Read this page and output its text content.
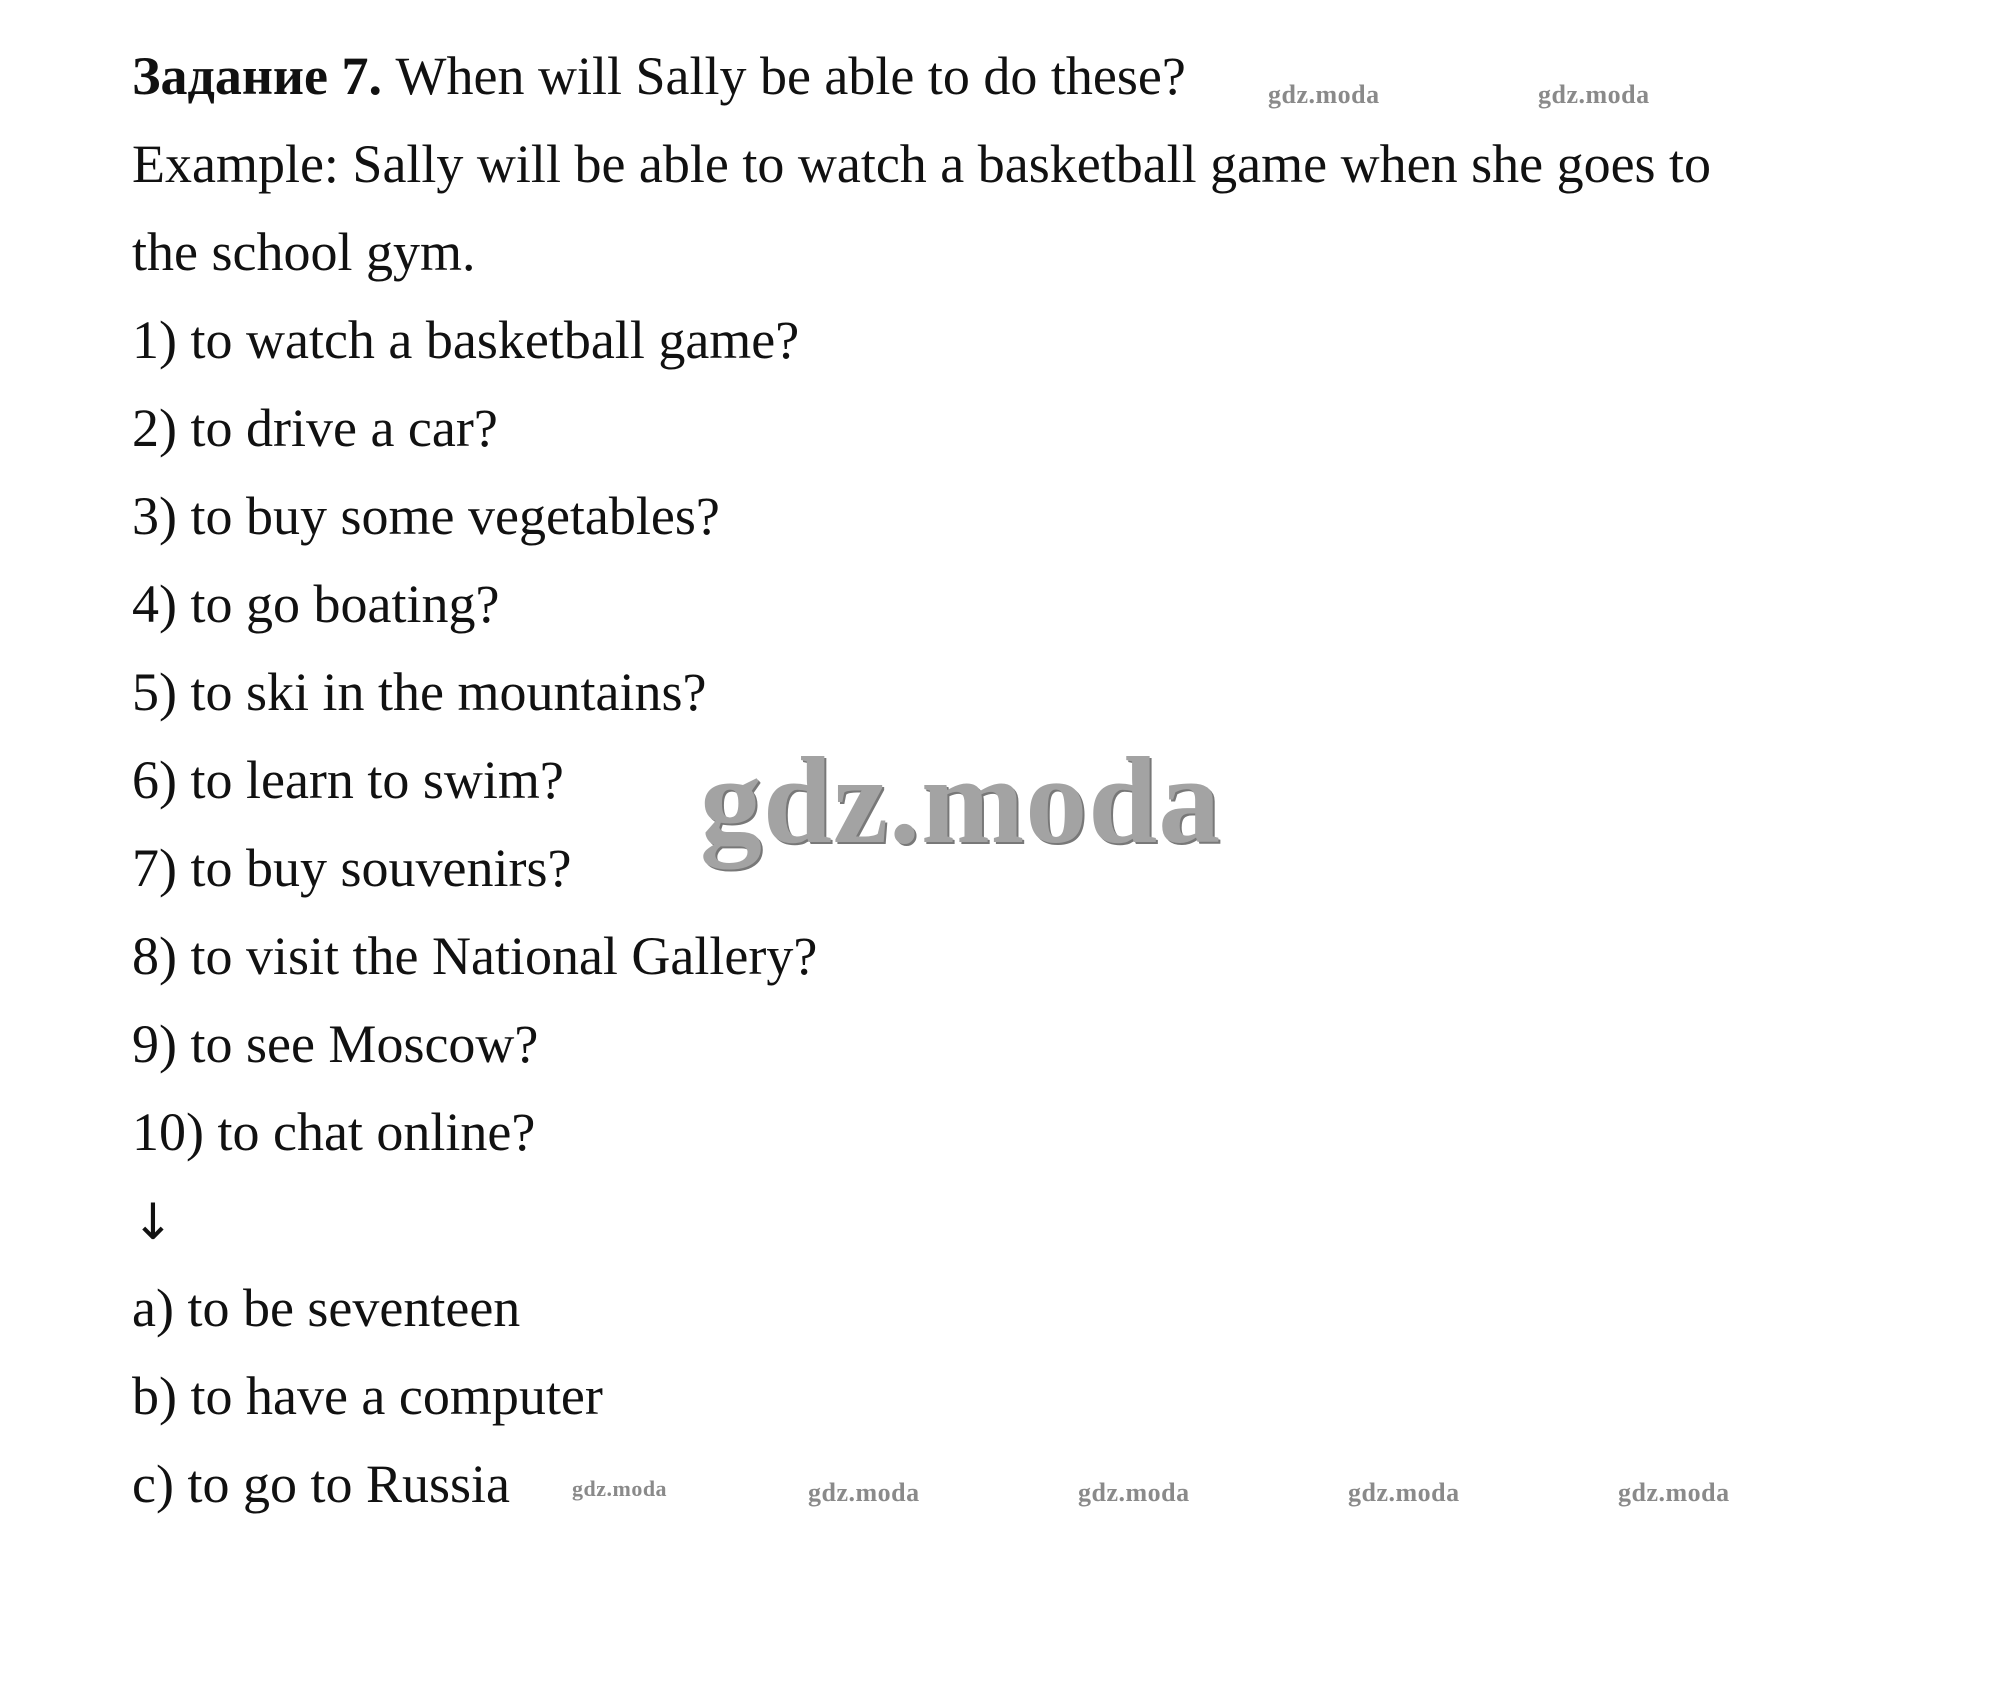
Задание 7. When will Sally be able to do these?
Example: Sally will be able to watch a basketball game when she goes to
the school gym.
1) to watch a basketball game?
2) to drive a car?
3) to buy some vegetables?
4) to go boating?
5) to ski in the mountains?
6) to learn to swim?
7) to buy souvenirs?
8) to visit the National Gallery?
9) to see Moscow?
10) to chat online?
↓
a) to be seventeen
b) to have a computer
c) to go to Russia
gdz.moda	gdz.moda
gdz.moda
gdz.moda	gdz.moda	gdz.moda	gdz.moda	gdz.moda
